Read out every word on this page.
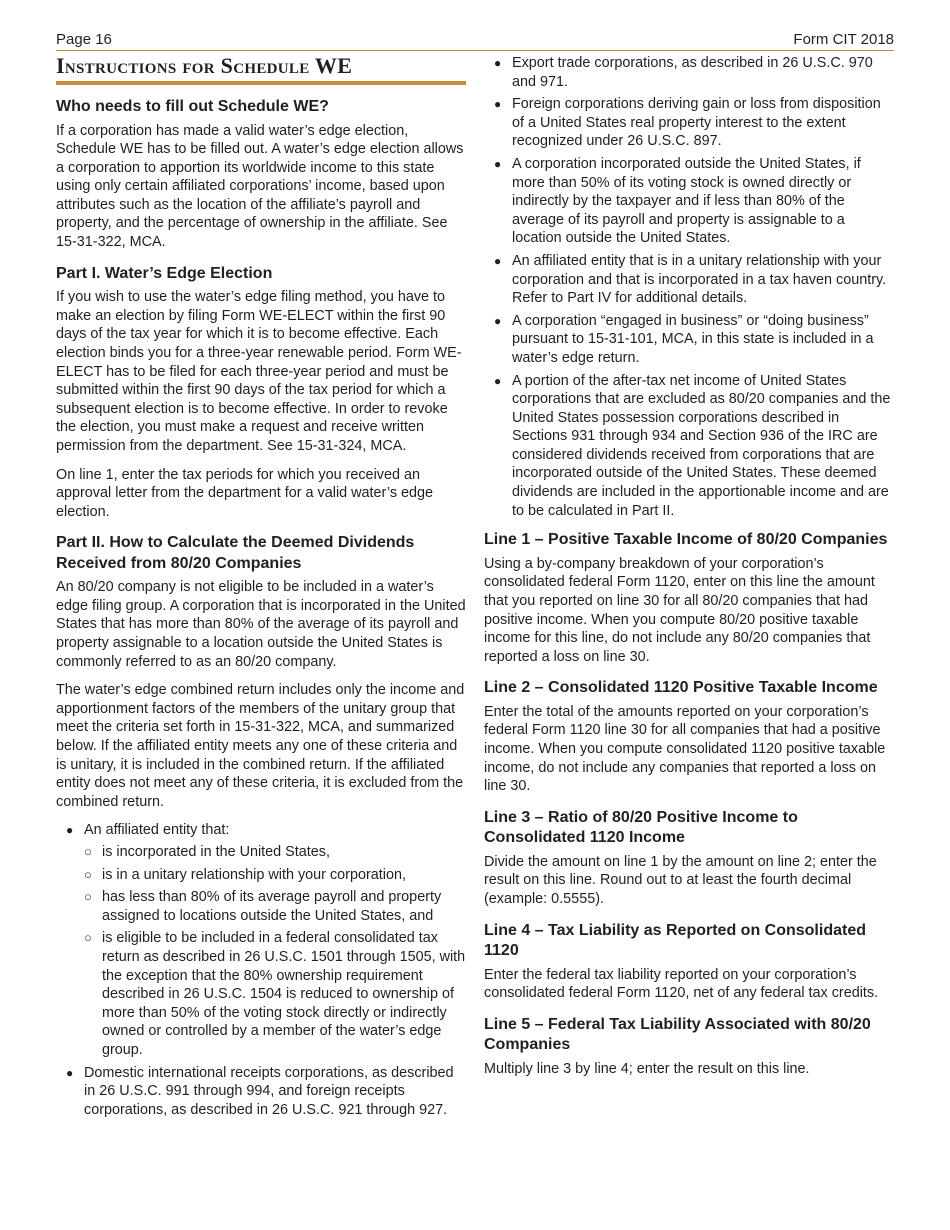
Page 16	Form CIT 2018
Instructions for Schedule WE
Who needs to fill out Schedule WE?

If a corporation has made a valid water’s edge election, Schedule WE has to be filled out. A water’s edge election allows a corporation to apportion its worldwide income to this state using only certain affiliated corporations’ income, based upon attributes such as the location of the affiliate’s payroll and property, and the percentage of ownership in the affiliate. See 15-31-322, MCA.

Part I. Water’s Edge Election

If you wish to use the water’s edge filing method, you have to make an election by filing Form WE-ELECT within the first 90 days of the tax year for which it is to become effective. Each election binds you for a three-year renewable period. Form WE-ELECT has to be filed for each three-year period and must be submitted within the first 90 days of the tax period for which a subsequent election is to become effective. In order to revoke the election, you must make a request and receive written permission from the department. See 15-31-324, MCA.

On line 1, enter the tax periods for which you received an approval letter from the department for a valid water’s edge election.

Part II. How to Calculate the Deemed Dividends Received from 80/20 Companies

An 80/20 company is not eligible to be included in a water’s edge filing group. A corporation that is incorporated in the United States that has more than 80% of the average of its payroll and property assignable to a location outside the United States is commonly referred to as an 80/20 company.

The water’s edge combined return includes only the income and apportionment factors of the members of the unitary group that meet the criteria set forth in 15-31-322, MCA, and summarized below. If the affiliated entity meets any one of these criteria and is unitary, it is included in the combined return. If the affiliated entity does not meet any of these criteria, it is excluded from the combined return.

● An affiliated entity that:
○ is incorporated in the United States,
○ is in a unitary relationship with your corporation,
○ has less than 80% of its average payroll and property assigned to locations outside the United States, and
○ is eligible to be included in a federal consolidated tax return as described in 26 U.S.C. 1501 through 1505, with the exception that the 80% ownership requirement described in 26 U.S.C. 1504 is reduced to ownership of more than 50% of the voting stock directly or indirectly owned or controlled by a member of the water’s edge group.
● Domestic international receipts corporations, as described in 26 U.S.C. 991 through 994, and foreign receipts corporations, as described in 26 U.S.C. 921 through 927.
● Export trade corporations, as described in 26 U.S.C. 970 and 971.
● Foreign corporations deriving gain or loss from disposition of a United States real property interest to the extent recognized under 26 U.S.C. 897.
● A corporation incorporated outside the United States, if more than 50% of its voting stock is owned directly or indirectly by the taxpayer and if less than 80% of the average of its payroll and property is assignable to a location outside the United States.
● An affiliated entity that is in a unitary relationship with your corporation and that is incorporated in a tax haven country. Refer to Part IV for additional details.
● A corporation “engaged in business” or “doing business” pursuant to 15-31-101, MCA, in this state is included in a water’s edge return.
● A portion of the after-tax net income of United States corporations that are excluded as 80/20 companies and the United States possession corporations described in Sections 931 through 934 and Section 936 of the IRC are considered dividends received from corporations that are incorporated outside of the United States. These deemed dividends are included in the apportionable income and are to be calculated in Part II.
Line 1 – Positive Taxable Income of 80/20 Companies

Using a by-company breakdown of your corporation’s consolidated federal Form 1120, enter on this line the amount that you reported on line 30 for all 80/20 companies that had positive income. When you compute 80/20 positive taxable income for this line, do not include any 80/20 companies that reported a loss on line 30.

Line 2 – Consolidated 1120 Positive Taxable Income

Enter the total of the amounts reported on your corporation’s federal Form 1120 line 30 for all companies that had a positive income. When you compute consolidated 1120 positive taxable income, do not include any companies that reported a loss on line 30.

Line 3 – Ratio of 80/20 Positive Income to Consolidated 1120 Income

Divide the amount on line 1 by the amount on line 2; enter the result on this line. Round out to at least the fourth decimal (example: 0.5555).

Line 4 – Tax Liability as Reported on Consolidated 1120

Enter the federal tax liability reported on your corporation’s consolidated federal Form 1120, net of any federal tax credits.

Line 5 – Federal Tax Liability Associated with 80/20 Companies

Multiply line 3 by line 4; enter the result on this line.
